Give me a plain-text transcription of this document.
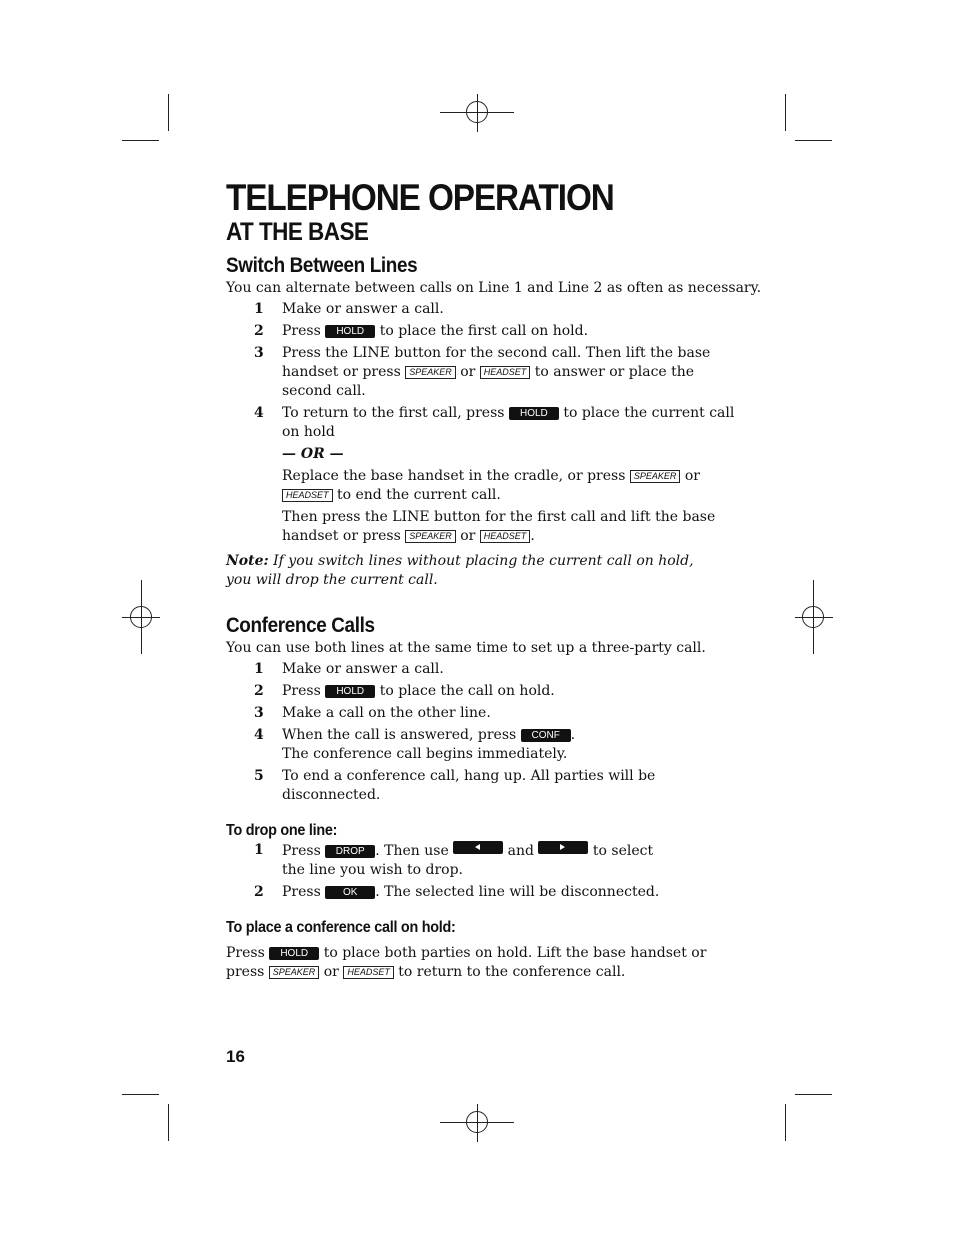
TELEPHONE OPERATION
AT THE BASE
Switch Between Lines

You can alternate between calls on Line 1 and Line 2 as often as necessary.

1 Make or answer a call.
2 Press HOLD to place the first call on hold.
3 Press the LINE button for the second call. Then lift the base handset or press SPEAKER or HEADSET to answer or place the second call.
4 To return to the first call, press HOLD to place the current call on hold
— OR —
Replace the base handset in the cradle, or press SPEAKER or HEADSET to end the current call.
Then press the LINE button for the first call and lift the base handset or press SPEAKER or HEADSET .
Note: If you switch lines without placing the current call on hold, you will drop the current call.
Conference Calls

You can use both lines at the same time to set up a three-party call.

1 Make or answer a call.
2 Press HOLD to place the call on hold.
3 Make a call on the other line.
4 When the call is answered, press CONF .
The conference call begins immediately.
5 To end a conference call, hang up. All parties will be disconnected.
To drop one line:
1 Press DROP . Then use	and	to select the line you wish to drop.
2 Press OK . The selected line will be disconnected.
To place a conference call on hold:

Press HOLD to place both parties on hold. Lift the base handset or press SPEAKER or HEADSET to return to the conference call.

16
